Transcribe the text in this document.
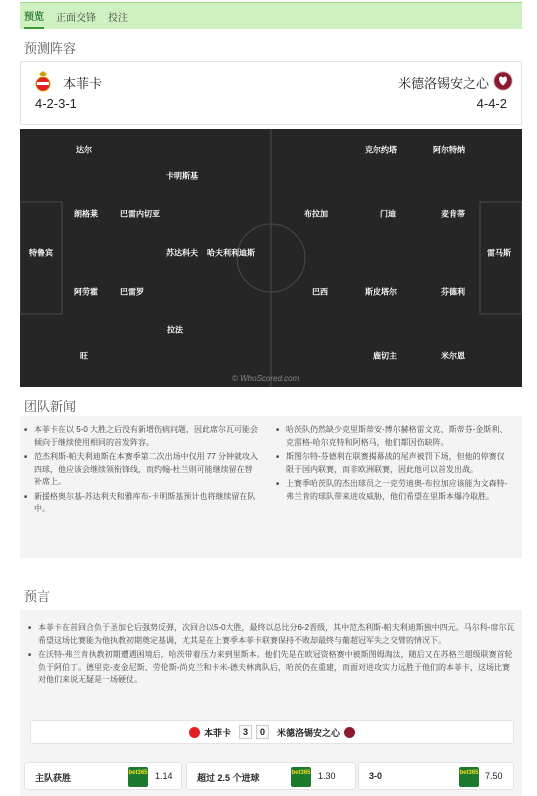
预览 正面交锋 投注
预测阵容
本菲卡
4-2-3-1
米德洛锡安之心
4-4-2
达尔
卡明斯基
朗格莱	巴雷内切亚
特鲁宾	苏达科夫
阿劳霍	巴雷罗
拉法
旺
克尔约塔	阿尔特纳
哈夫利利迪斯
布拉加	门迪	麦肯蒂
雷马斯
巴西	斯皮塔尔	芬德利
鹿切主	米尔恩
© WhoScored.com
团队新闻
■ 本菲卡在以 5-0 大胜之后没有新增伤病问题，因此席尔瓦可能会倾向于继续使用相同的首发阵容。
■ 范杰利斯-帕夫利迪斯在本赛季第二次出场中仅用 77 分钟就攻入四球，他应该会继续领衔锋线，而约翰-杜兰则可能继续留在替补席上。
■ 新援格奥尔基-苏达利夫和雅库布-卡明斯基预计也将继续留在队中。
■ 哈茨队仍然缺少克里斯蒂安-博尔赫格雷文克、斯蒂芬-金斯利、克雷格-哈尔克特和阿格马，他们都因伤缺阵。
■ 斯图尔特-芬德利在联赛揭幕战的尾声被罚下场，但他的停赛仅限于国内联赛，而非欧洲联赛，因此他可以首发出战。
■ 上赛季哈茨队的杰出球员之一克劳迪奥-布拉加应该能为文森特-弗兰肯的球队带来进攻威胁，他们希望在里斯本爆冷取胜。
预言
■ 本菲卡在首回合负于圣加仑后强势反弹，次回合以5-0大胜，最终以总比分6-2晋级，其中范杰利斯-帕夫利迪斯独中四元。马尔科-席尔瓦希望这场比赛能为他执教初期奠定基调，尤其是在上赛季本菲卡联赛保持不败却最终与葡超冠军失之交臂的情况下。
■ 在沃特-弗兰肯执教初期遭遇困境后，哈茨带着压力来到里斯本。他们先是在欧冠资格赛中被斯图姆淘汰，随后又在苏格兰超级联赛首轮负于阿伯丁。德里克-麦金尼斯、劳伦斯-尚克兰和卡米-德夫林离队后，哈茨仍在重建，而面对进攻实力远胜于他们的本菲卡，这场比赛对他们来说无疑是一场硬仗。
本菲卡	3	0	米德洛锡安之心
主队获胜	bet365 1.14	超过 2.5 个进球	bet365 1.30	3-0	bet365 7.50
